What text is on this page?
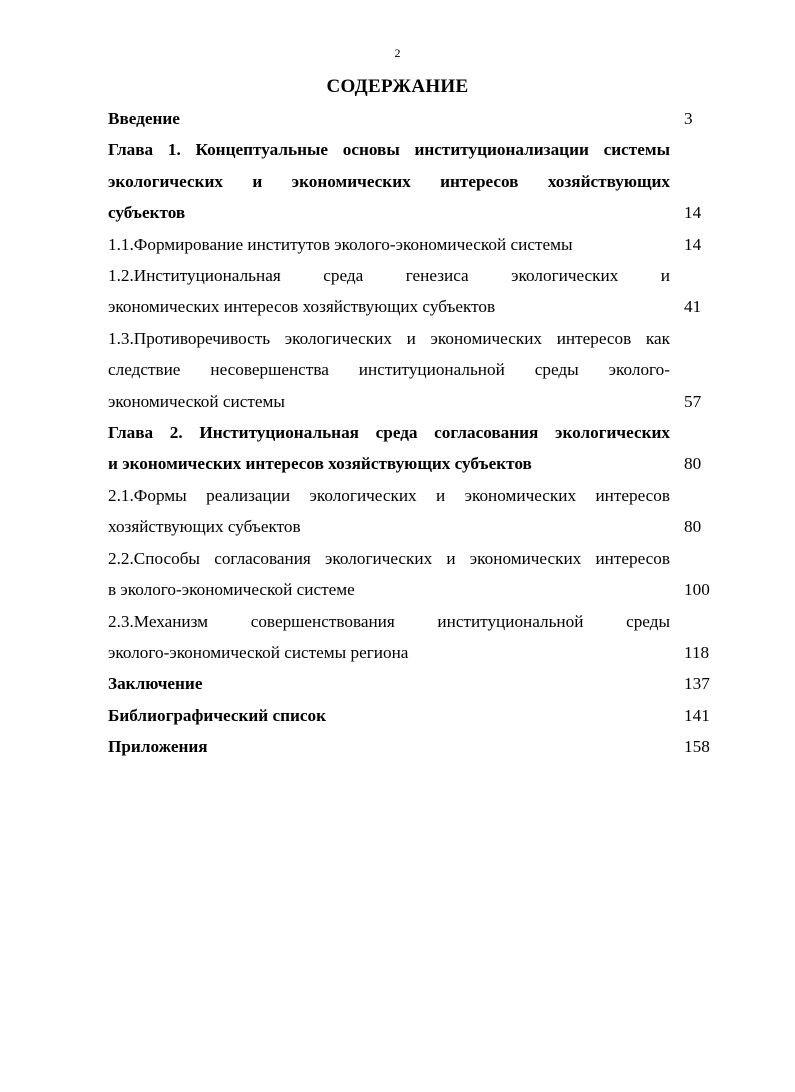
2
СОДЕРЖАНИЕ
Введение	3
Глава 1. Концептуальные основы институционализации системы
экологических и экономических интересов хозяйствующих
субъектов	14
1.1.Формирование институтов эколого-экономической системы	14
1.2.Институциональная среда генезиса экологических и
экономических интересов хозяйствующих субъектов	41
1.3.Противоречивость экологических и экономических интересов как
следствие несовершенства институциональной среды эколого-
экономической системы	57
Глава 2. Институциональная среда согласования экологических
и экономических интересов хозяйствующих субъектов	80
2.1.Формы реализации экологических и экономических интересов
хозяйствующих субъектов	80
2.2.Способы согласования экологических и экономических интересов
в эколого-экономической системе	100
2.3.Механизм совершенствования институциональной среды
эколого-экономической системы региона	118
Заключение	137
Библиографический список	141
Приложения	158
